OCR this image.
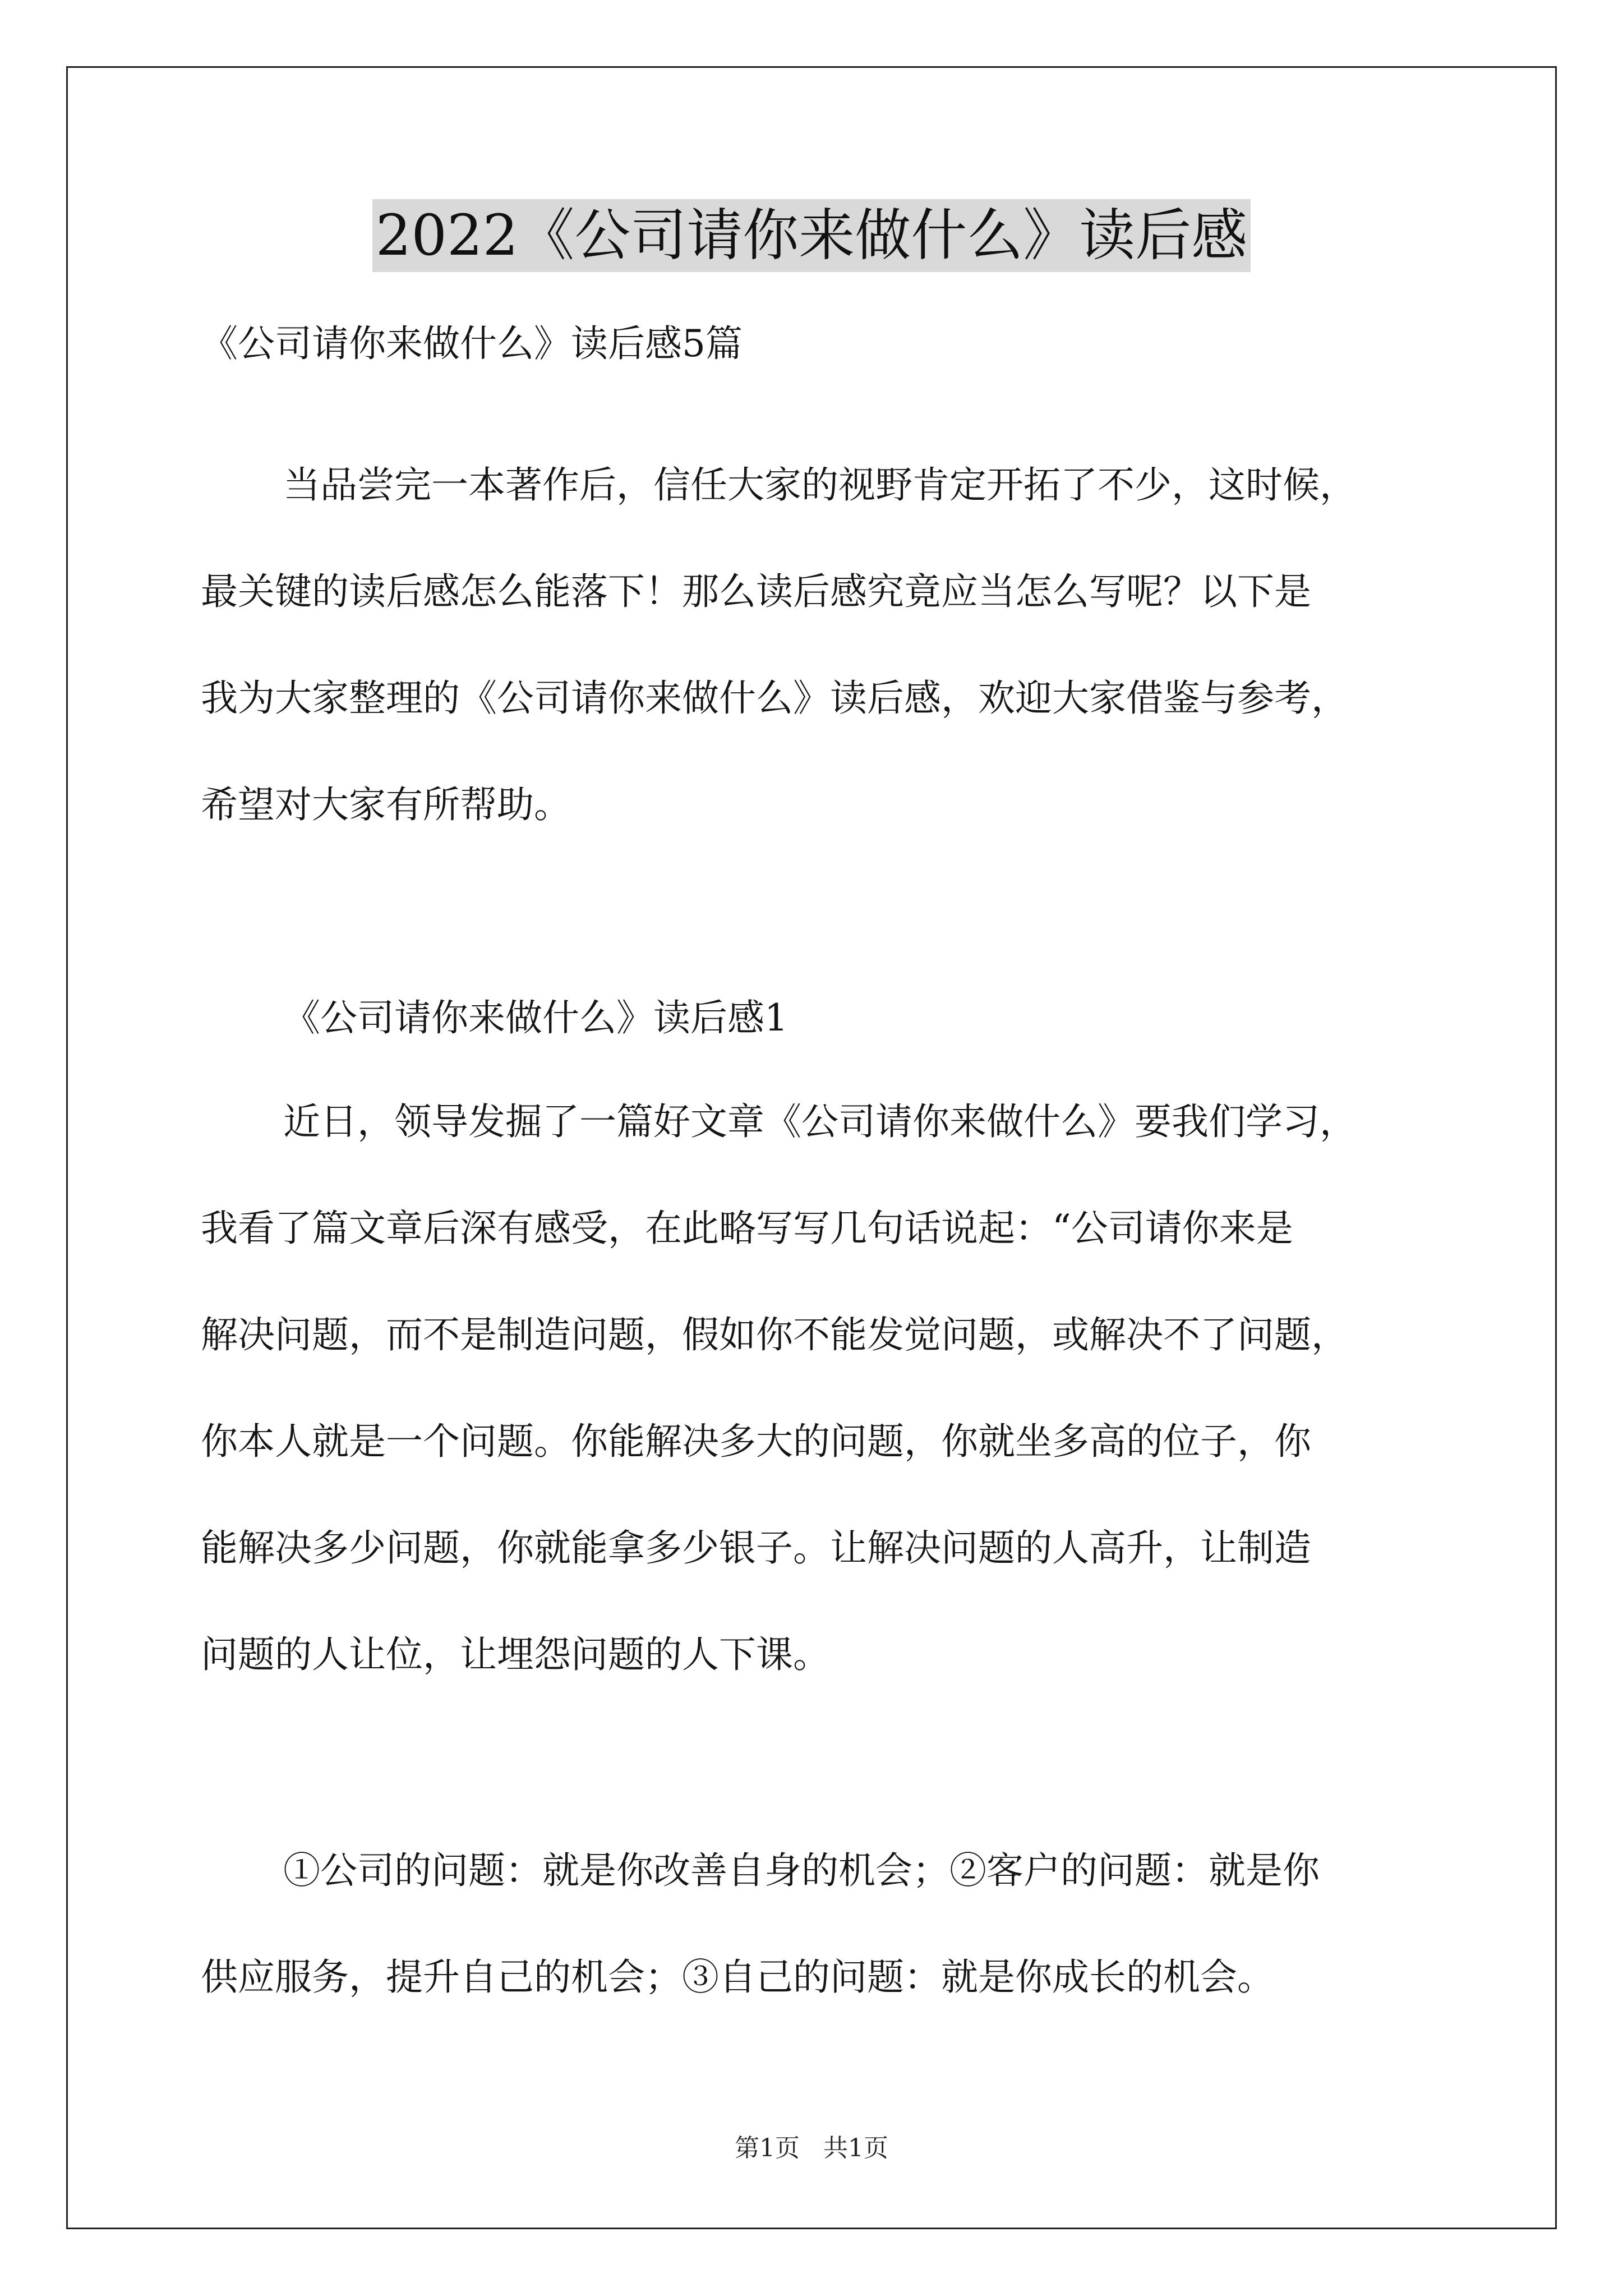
2022《公司请你来做什么》读后感
《公司请你来做什么》读后感5篇
当品尝完一本著作后，信任大家的视野肯定开拓了不少，这时候，
最关键的读后感怎么能落下！那么读后感究竟应当怎么写呢？以下是
我为大家整理的《公司请你来做什么》读后感，欢迎大家借鉴与参考，
希望对大家有所帮助。
《公司请你来做什么》读后感1
近日，领导发掘了一篇好文章《公司请你来做什么》要我们学习，
我看了篇文章后深有感受，在此略写写几句话说起：“公司请你来是
解决问题，而不是制造问题，假如你不能发觉问题，或解决不了问题，
你本人就是一个问题。你能解决多大的问题，你就坐多高的位子，你
能解决多少问题，你就能拿多少银子。让解决问题的人高升，让制造
问题的人让位，让埋怨问题的人下课。
①公司的问题：就是你改善自身的机会；②客户的问题：就是你
供应服务，提升自己的机会；③自己的问题：就是你成长的机会。
第1页   共1页
